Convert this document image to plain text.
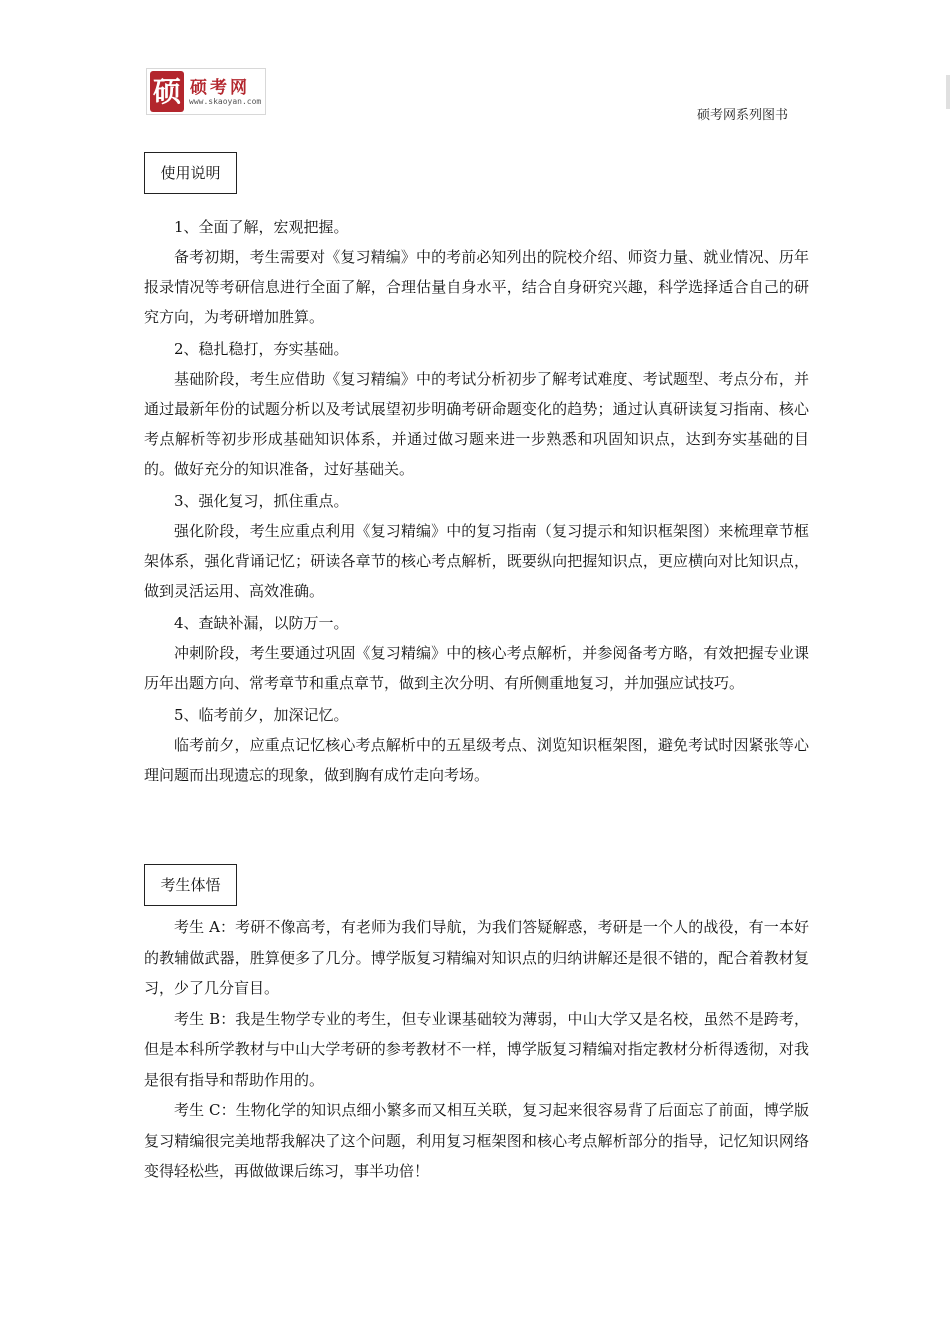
硕 硕考网
www.skaoyan.com
硕考网系列图书
使用说明

1、全面了解，宏观把握。

备考初期，考生需要对《复习精编》中的考前必知列出的院校介绍、师资力量、就业情况、历年报录情况等考研信息进行全面了解，合理估量自身水平，结合自身研究兴趣，科学选择适合自己的研究方向，为考研增加胜算。

2、稳扎稳打，夯实基础。

基础阶段，考生应借助《复习精编》中的考试分析初步了解考试难度、考试题型、考点分布，并通过最新年份的试题分析以及考试展望初步明确考研命题变化的趋势；通过认真研读复习指南、核心考点解析等初步形成基础知识体系，并通过做习题来进一步熟悉和巩固知识点，达到夯实基础的目的。做好充分的知识准备，过好基础关。

3、强化复习，抓住重点。

强化阶段，考生应重点利用《复习精编》中的复习指南（复习提示和知识框架图）来梳理章节框架体系，强化背诵记忆；研读各章节的核心考点解析，既要纵向把握知识点，更应横向对比知识点，做到灵活运用、高效准确。

4、查缺补漏，以防万一。

冲刺阶段，考生要通过巩固《复习精编》中的核心考点解析，并参阅备考方略，有效把握专业课历年出题方向、常考章节和重点章节，做到主次分明、有所侧重地复习，并加强应试技巧。

5、临考前夕，加深记忆。

临考前夕，应重点记忆核心考点解析中的五星级考点、浏览知识框架图，避免考试时因紧张等心理问题而出现遗忘的现象，做到胸有成竹走向考场。

考生体悟

考生 A：考研不像高考，有老师为我们导航，为我们答疑解惑，考研是一个人的战役，有一本好的教辅做武器，胜算便多了几分。博学版复习精编对知识点的归纳讲解还是很不错的，配合着教材复习，少了几分盲目。

考生 B：我是生物学专业的考生，但专业课基础较为薄弱，中山大学又是名校，虽然不是跨考，但是本科所学教材与中山大学考研的参考教材不一样，博学版复习精编对指定教材分析得透彻，对我是很有指导和帮助作用的。

考生 C：生物化学的知识点细小繁多而又相互关联，复习起来很容易背了后面忘了前面，博学版复习精编很完美地帮我解决了这个问题，利用复习框架图和核心考点解析部分的指导，记忆知识网络变得轻松些，再做做课后练习，事半功倍！
